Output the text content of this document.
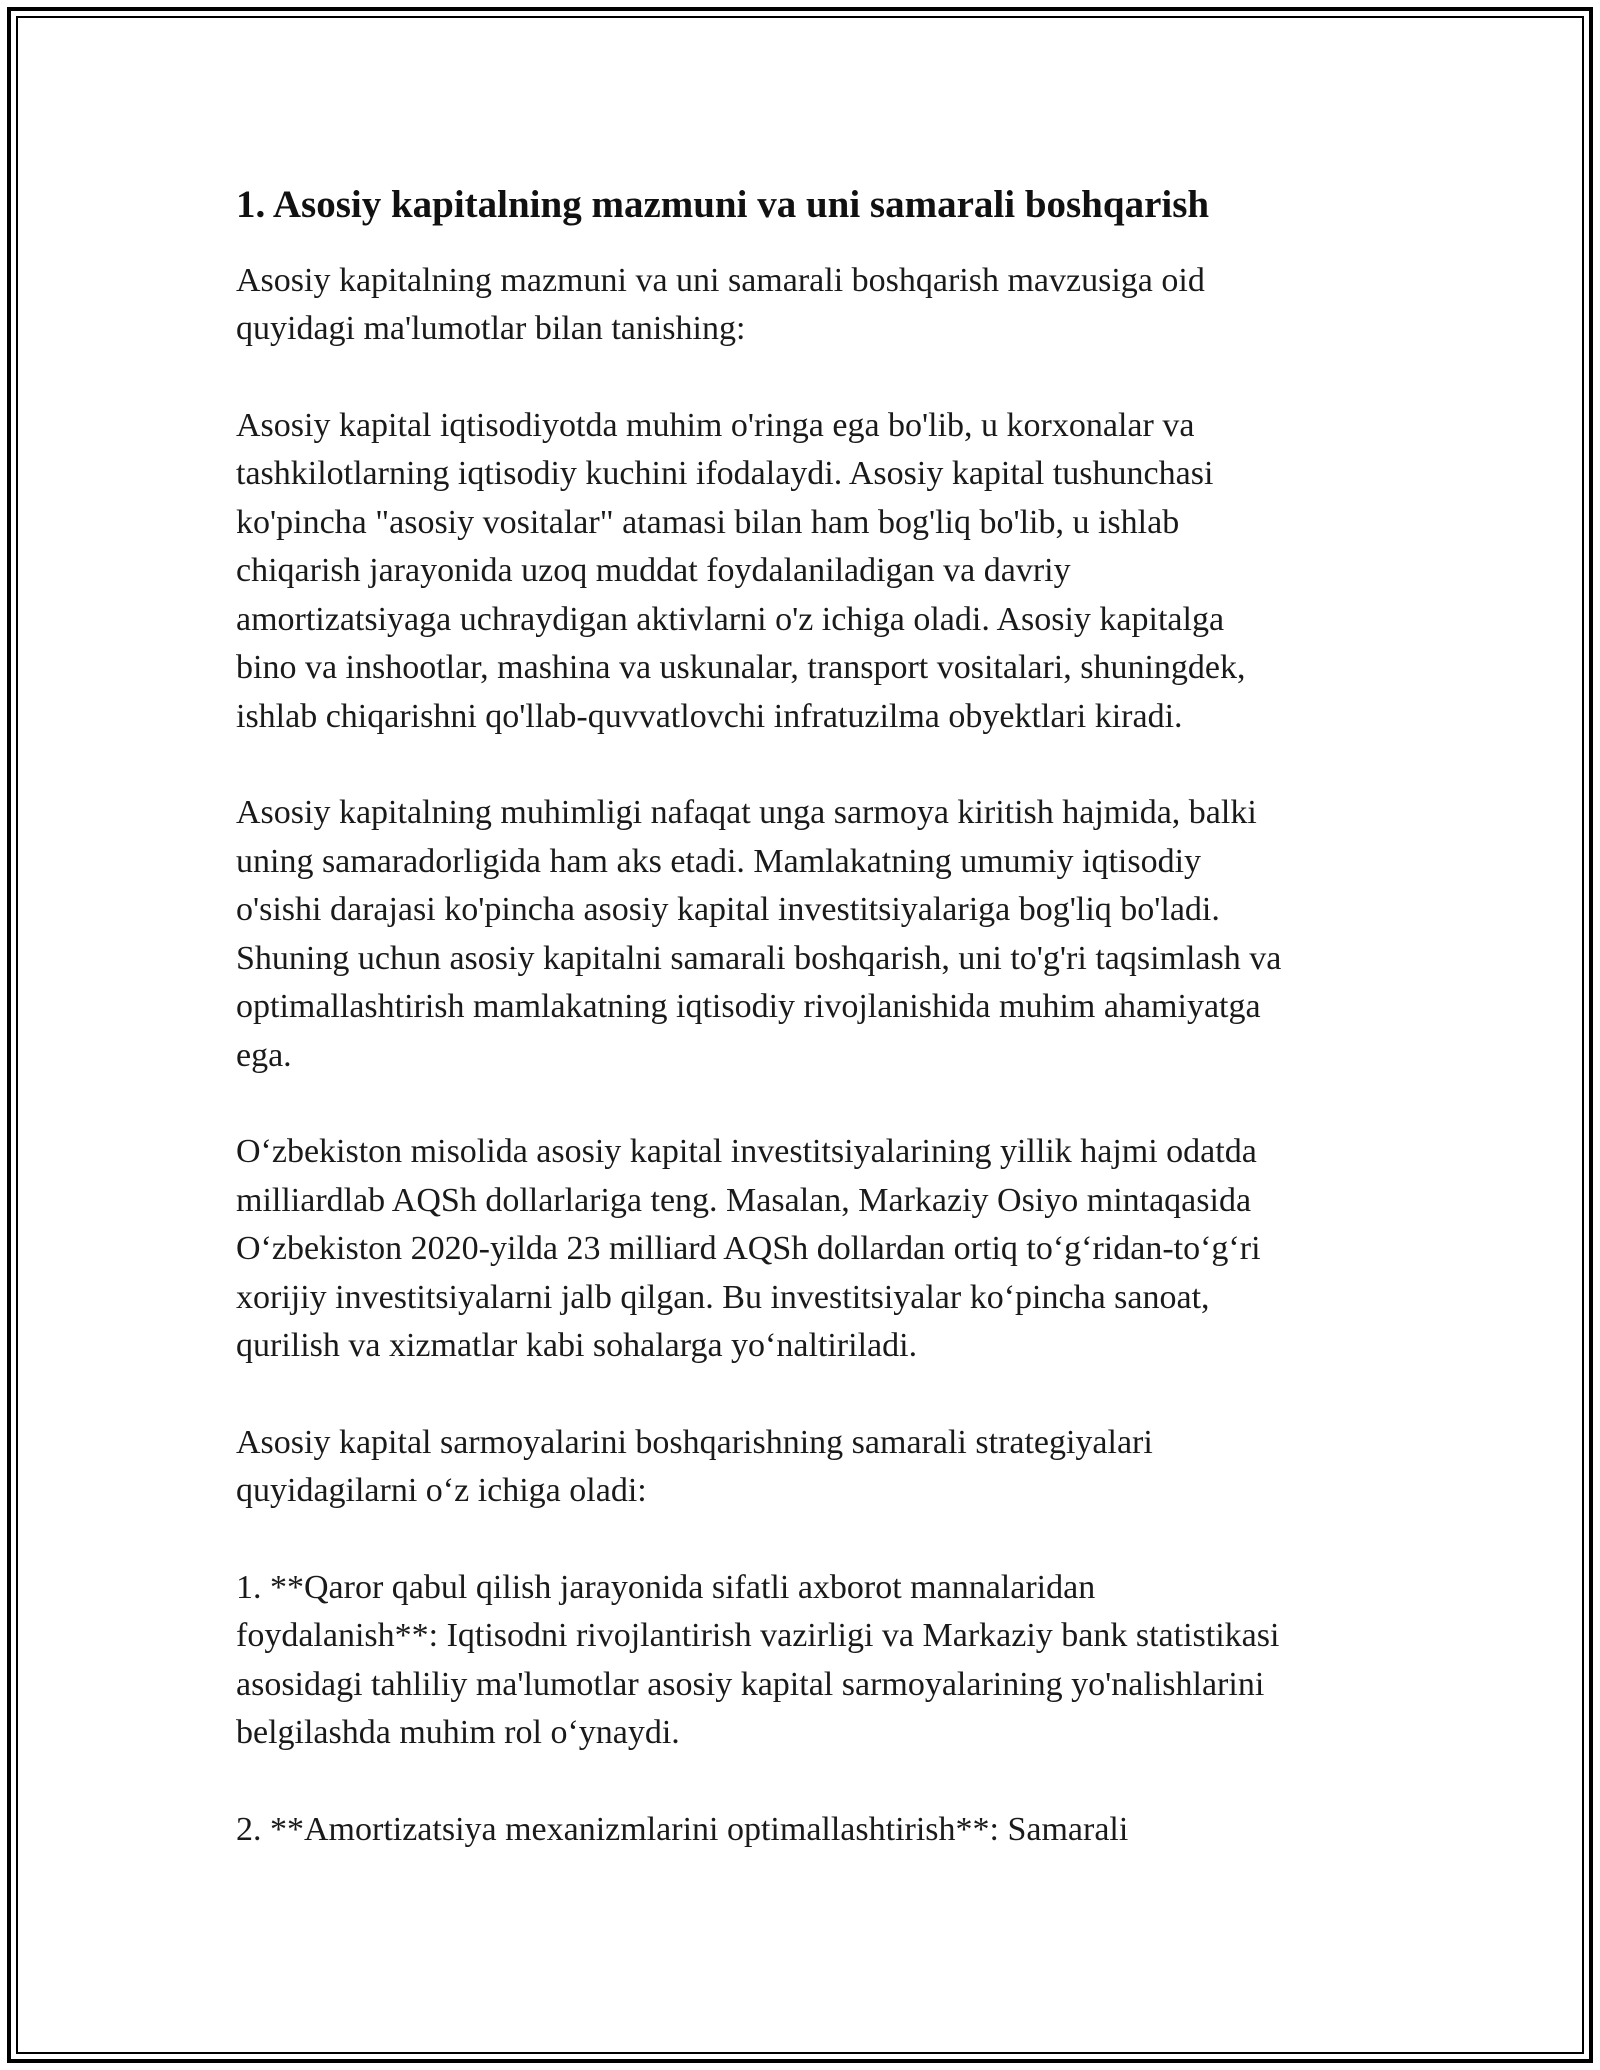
1. Asosiy kapitalning mazmuni va uni samarali boshqarish

Asosiy kapitalning mazmuni va uni samarali boshqarish mavzusiga oid
quyidagi ma'lumotlar bilan tanishing:

Asosiy kapital iqtisodiyotda muhim o'ringa ega bo'lib, u korxonalar va
tashkilotlarning iqtisodiy kuchini ifodalaydi. Asosiy kapital tushunchasi
ko'pincha "asosiy vositalar" atamasi bilan ham bog'liq bo'lib, u ishlab
chiqarish jarayonida uzoq muddat foydalaniladigan va davriy
amortizatsiyaga uchraydigan aktivlarni o'z ichiga oladi. Asosiy kapitalga
bino va inshootlar, mashina va uskunalar, transport vositalari, shuningdek,
ishlab chiqarishni qo'llab-quvvatlovchi infratuzilma obyektlari kiradi.

Asosiy kapitalning muhimligi nafaqat unga sarmoya kiritish hajmida, balki
uning samaradorligida ham aks etadi. Mamlakatning umumiy iqtisodiy
o'sishi darajasi ko'pincha asosiy kapital investitsiyalariga bog'liq bo'ladi.
Shuning uchun asosiy kapitalni samarali boshqarish, uni to'g'ri taqsimlash va
optimallashtirish mamlakatning iqtisodiy rivojlanishida muhim ahamiyatga
ega.

Oʻzbekiston misolida asosiy kapital investitsiyalarining yillik hajmi odatda
milliardlab AQSh dollarlariga teng. Masalan, Markaziy Osiyo mintaqasida
Oʻzbekiston 2020-yilda 23 milliard AQSh dollardan ortiq toʻgʻridan-toʻgʻri
xorijiy investitsiyalarni jalb qilgan. Bu investitsiyalar koʻpincha sanoat,
qurilish va xizmatlar kabi sohalarga yoʻnaltiriladi.

Asosiy kapital sarmoyalarini boshqarishning samarali strategiyalari
quyidagilarni oʻz ichiga oladi:

1. **Qaror qabul qilish jarayonida sifatli axborot mannalaridan
foydalanish**: Iqtisodni rivojlantirish vazirligi va Markaziy bank statistikasi
asosidagi tahliliy ma'lumotlar asosiy kapital sarmoyalarining yo'nalishlarini
belgilashda muhim rol oʻynaydi.

2. **Amortizatsiya mexanizmlarini optimallashtirish**: Samarali
